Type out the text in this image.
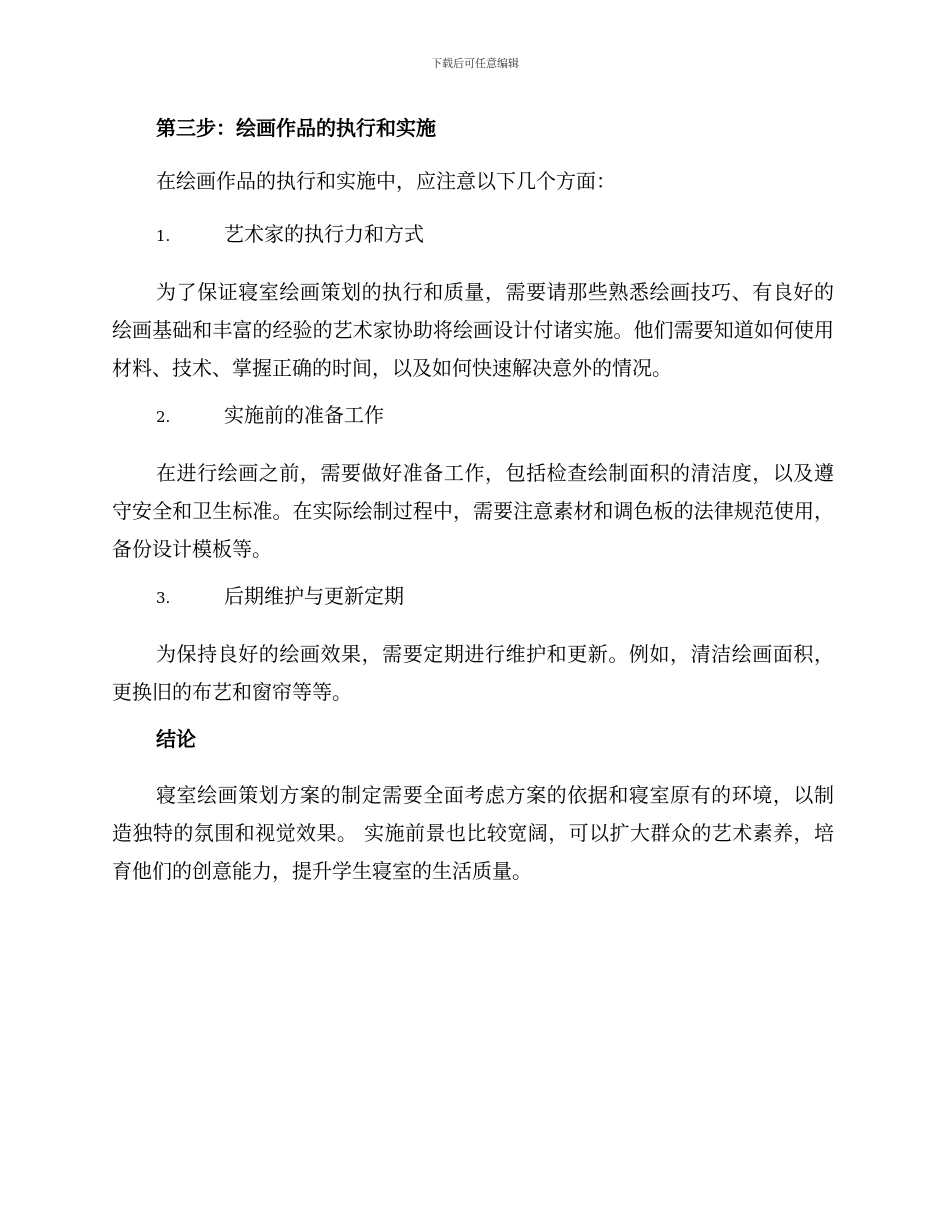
下载后可任意编辑
第三步：绘画作品的执行和实施
在绘画作品的执行和实施中，应注意以下几个方面：
1.	艺术家的执行力和方式
为了保证寝室绘画策划的执行和质量，需要请那些熟悉绘画技巧、有良好的绘画基础和丰富的经验的艺术家协助将绘画设计付诸实施。他们需要知道如何使用材料、技术、掌握正确的时间，以及如何快速解决意外的情况。
2.	实施前的准备工作
在进行绘画之前，需要做好准备工作，包括检查绘制面积的清洁度，以及遵守安全和卫生标准。在实际绘制过程中，需要注意素材和调色板的法律规范使用，备份设计模板等。
3.	后期维护与更新定期
为保持良好的绘画效果，需要定期进行维护和更新。例如，清洁绘画面积，更换旧的布艺和窗帘等等。
结论
寝室绘画策划方案的制定需要全面考虑方案的依据和寝室原有的环境，以制造独特的氛围和视觉效果。 实施前景也比较宽阔，可以扩大群众的艺术素养，培育他们的创意能力，提升学生寝室的生活质量。
